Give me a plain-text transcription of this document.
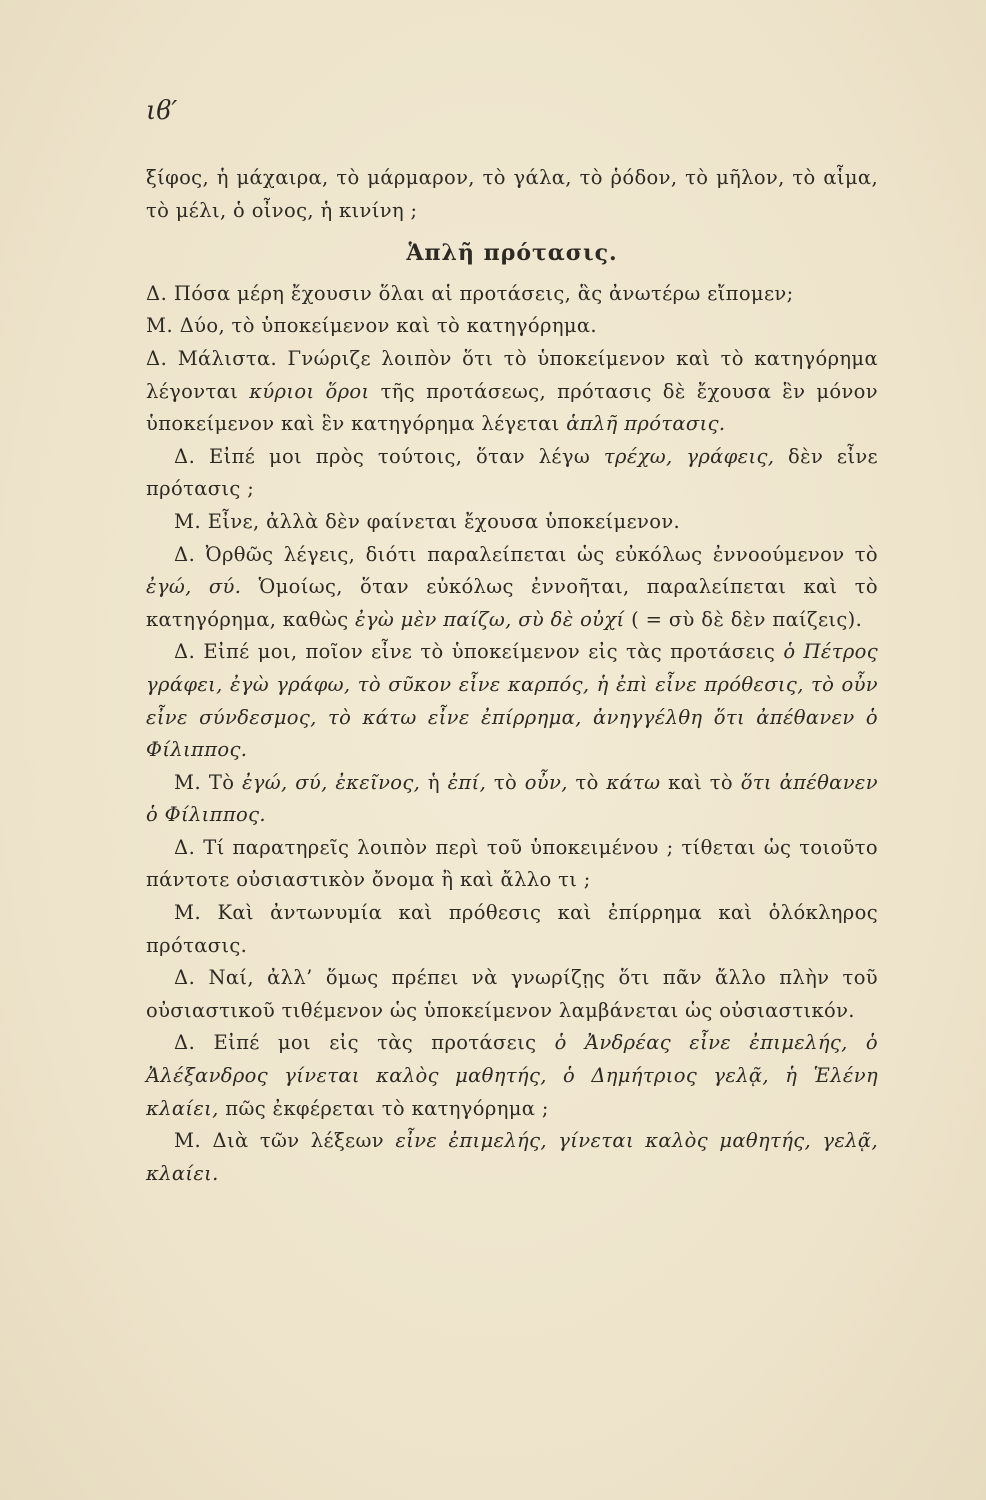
ιϐ′

ξίφος, ἡ μάχαιρα, τὸ μάρμαρον, τὸ γάλα, τὸ ῥόδον, τὸ μῆλον, τὸ αἷμα, τὸ μέλι, ὁ οἶνος, ἡ κινίνη ;

Ἁπλῆ πρότασις.

Δ. Πόσα μέρη ἔχουσιν ὅλαι αἱ προτάσεις, ἃς ἀνωτέρω εἴπομεν;

Μ. Δύο, τὸ ὑποκείμενον καὶ τὸ κατηγόρημα.

Δ. Μάλιστα. Γνώριζε λοιπὸν ὅτι τὸ ὑποκείμενον καὶ τὸ κατηγόρημα λέγονται κύριοι ὅροι τῆς προτάσεως, πρότασις δὲ ἔχουσα ἓν μόνον ὑποκείμενον καὶ ἓν κατηγόρημα λέγεται ἁπλῆ πρότασις.

Δ. Εἰπέ μοι πρὸς τούτοις, ὅταν λέγω τρέχω, γράφεις, δὲν εἶνε πρότασις ;

Μ. Εἶνε, ἀλλὰ δὲν φαίνεται ἔχουσα ὑποκείμενον.

Δ. Ὀρθῶς λέγεις, διότι παραλείπεται ὡς εὐκόλως ἐννοούμενον τὸ ἐγώ, σύ. Ὁμοίως, ὅταν εὐκόλως ἐννοῆται, παραλείπεται καὶ τὸ κατηγόρημα, καθὼς ἐγὼ μὲν παίζω, σὺ δὲ οὐχί ( = σὺ δὲ δὲν παίζεις).

Δ. Εἰπέ μοι, ποῖον εἶνε τὸ ὑποκείμενον εἰς τὰς προτάσεις ὁ Πέτρος γράφει, ἐγὼ γράφω, τὸ σῦκον εἶνε καρπός, ἡ ἐπὶ εἶνε πρόθεσις, τὸ οὖν εἶνε σύνδεσμος, τὸ κάτω εἶνε ἐπίρρημα, ἀνηγγέλθη ὅτι ἀπέθανεν ὁ Φίλιππος.

Μ. Τὸ ἐγώ, σύ, ἐκεῖνος, ἡ ἐπί, τὸ οὖν, τὸ κάτω καὶ τὸ ὅτι ἀπέθανεν ὁ Φίλιππος.

Δ. Τί παρατηρεῖς λοιπὸν περὶ τοῦ ὑποκειμένου ; τίθεται ὡς τοιοῦτο πάντοτε οὐσιαστικὸν ὄνομα ἢ καὶ ἄλλο τι ;

Μ. Καὶ ἀντωνυμία καὶ πρόθεσις καὶ ἐπίρρημα καὶ ὁλόκληρος πρότασις.

Δ. Ναί, ἀλλ’ ὅμως πρέπει νὰ γνωρίζῃς ὅτι πᾶν ἄλλο πλὴν τοῦ οὐσιαστικοῦ τιθέμενον ὡς ὑποκείμενον λαμβάνεται ὡς οὐσιαστικόν.

Δ. Εἰπέ μοι εἰς τὰς προτάσεις ὁ Ἀνδρέας εἶνε ἐπιμελής, ὁ Ἀλέξανδρος γίνεται καλὸς μαθητής, ὁ Δημήτριος γελᾷ, ἡ Ἑλένη κλαίει, πῶς ἐκφέρεται τὸ κατηγόρημα ;

Μ. Διὰ τῶν λέξεων εἶνε ἐπιμελής, γίνεται καλὸς μαθητής, γελᾷ, κλαίει.
